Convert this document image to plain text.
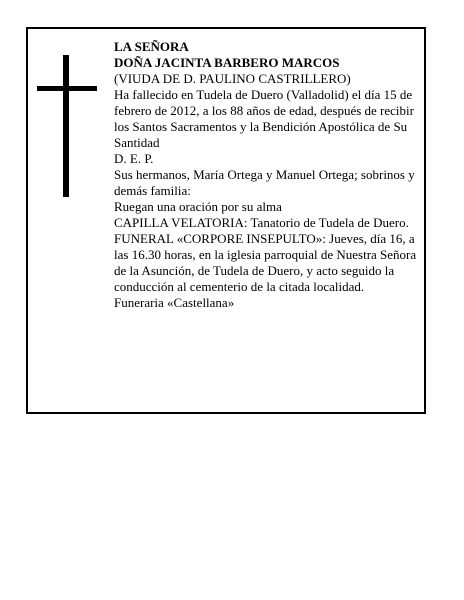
LA SEÑORA

DOÑA JACINTA BARBERO MARCOS

(VIUDA DE D. PAULINO CASTRILLERO)

Ha fallecido en Tudela de Duero (Valladolid) el día 15 de febrero de 2012, a los 88 años de edad, después de recibir los Santos Sacramentos y la Bendición Apostólica de Su Santidad

D. E. P.

Sus hermanos, María Ortega y Manuel Ortega; sobrinos y demás familia:

Ruegan una oración por su alma

CAPILLA VELATORIA: Tanatorio de Tudela de Duero.

FUNERAL «CORPORE INSEPULTO»: Jueves, día 16, a las 16.30 horas, en la iglesia parroquial de Nuestra Señora de la Asunción, de Tudela de Duero, y acto seguido la conducción al cementerio de la citada localidad.

Funeraria «Castellana»
